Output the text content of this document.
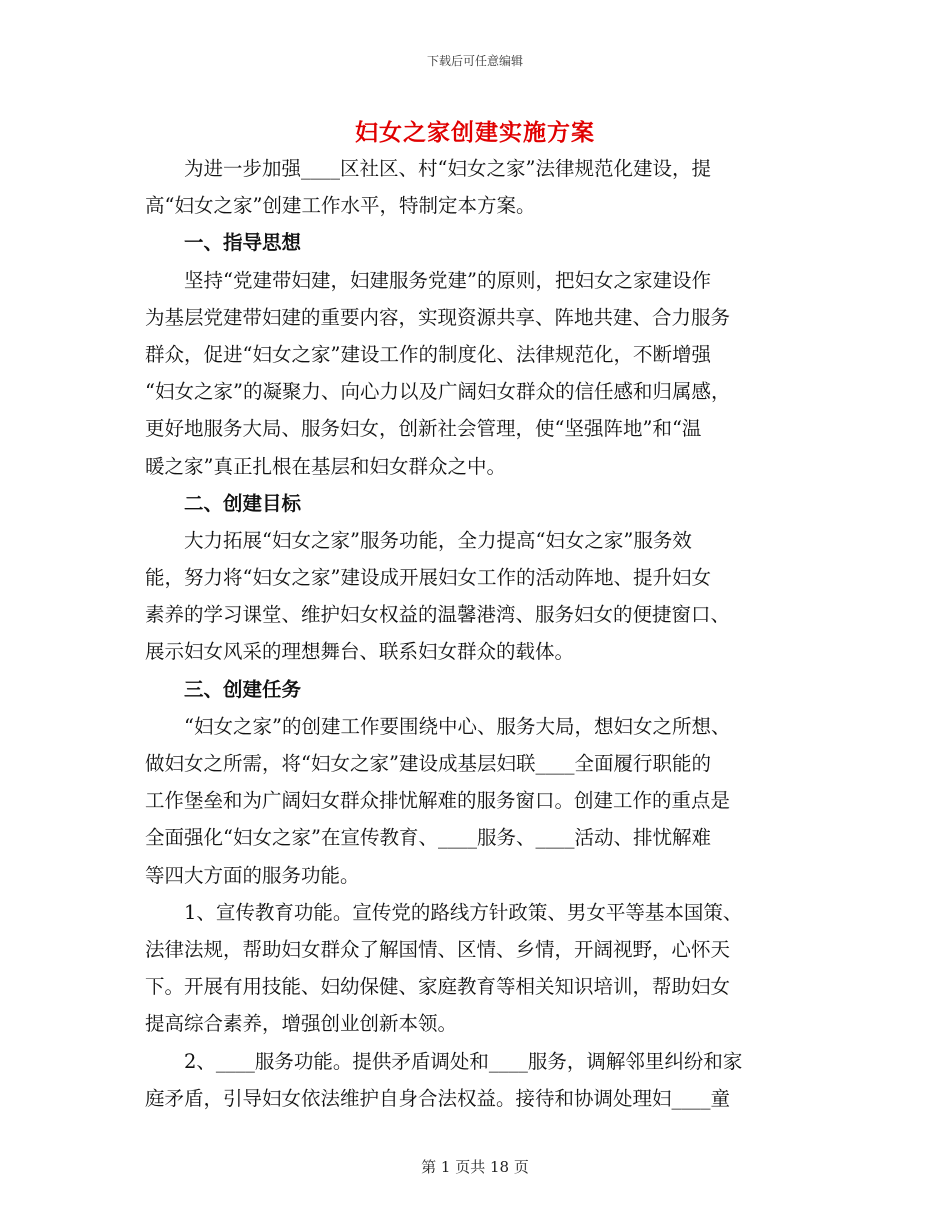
下载后可任意编辑
妇女之家创建实施方案
为进一步加强____区社区、村“妇女之家”法律规范化建设，提
高“妇女之家”创建工作水平，特制定本方案。
一、指导思想
坚持“党建带妇建，妇建服务党建”的原则，把妇女之家建设作
为基层党建带妇建的重要内容，实现资源共享、阵地共建、合力服务
群众，促进“妇女之家”建设工作的制度化、法律规范化，不断增强
“妇女之家”的凝聚力、向心力以及广阔妇女群众的信任感和归属感，
更好地服务大局、服务妇女，创新社会管理，使“坚强阵地”和“温
暖之家”真正扎根在基层和妇女群众之中。
二、创建目标
大力拓展“妇女之家”服务功能，全力提高“妇女之家”服务效
能，努力将“妇女之家”建设成开展妇女工作的活动阵地、提升妇女
素养的学习课堂、维护妇女权益的温馨港湾、服务妇女的便捷窗口、
展示妇女风采的理想舞台、联系妇女群众的载体。
三、创建任务
“妇女之家”的创建工作要围绕中心、服务大局，想妇女之所想、
做妇女之所需，将“妇女之家”建设成基层妇联____全面履行职能的
工作堡垒和为广阔妇女群众排忧解难的服务窗口。创建工作的重点是
全面强化“妇女之家”在宣传教育、____服务、____活动、排忧解难
等四大方面的服务功能。
1、宣传教育功能。宣传党的路线方针政策、男女平等基本国策、
法律法规，帮助妇女群众了解国情、区情、乡情，开阔视野，心怀天
下。开展有用技能、妇幼保健、家庭教育等相关知识培训，帮助妇女
提高综合素养，增强创业创新本领。
2、____服务功能。提供矛盾调处和____服务，调解邻里纠纷和家
庭矛盾，引导妇女依法维护自身合法权益。接待和协调处理妇____童
第 1 页共 18 页
